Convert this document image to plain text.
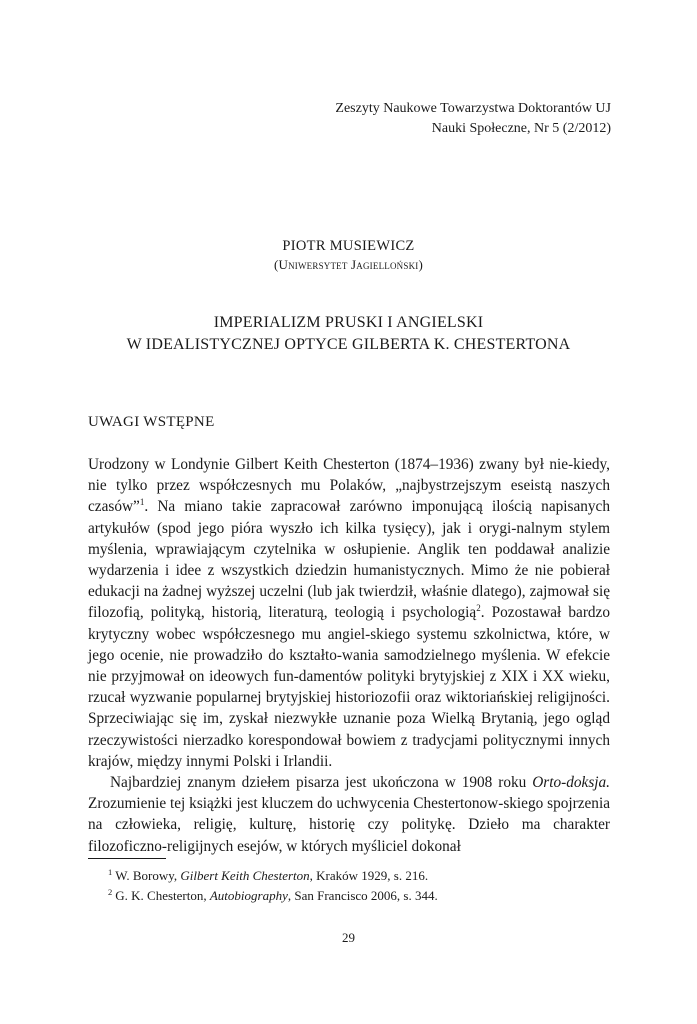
Zeszyty Naukowe Towarzystwa Doktorantów UJ
Nauki Społeczne, Nr 5 (2/2012)
PIOTR MUSIEWICZ
(Uniwersytet Jagielloński)
IMPERIALIZM PRUSKI I ANGIELSKI
W IDEALISTYCZNEJ OPTYCE GILBERTA K. CHESTERTONA
UWAGI WSTĘPNE

Urodzony w Londynie Gilbert Keith Chesterton (1874–1936) zwany był nie-kiedy, nie tylko przez współczesnych mu Polaków, „najbystrzejszym eseistą naszych czasów”$^1$. Na miano takie zapracował zarówno imponującą ilością napisanych artykułów (spod jego pióra wyszło ich kilka tysięcy), jak i orygi-nalnym stylem myślenia, wprawiającym czytelnika w osłupienie. Anglik ten poddawał analizie wydarzenia i idee z wszystkich dziedzin humanistycznych. Mimo że nie pobierał edukacji na żadnej wyższej uczelni (lub jak twierdził, właśnie dlatego), zajmował się filozofią, polityką, historią, literaturą, teologią i psychologią$^2$. Pozostawał bardzo krytyczny wobec współczesnego mu angiel-skiego systemu szkolnictwa, które, w jego ocenie, nie prowadziło do kształto-wania samodzielnego myślenia. W efekcie nie przyjmował on ideowych fun-damentów polityki brytyjskiej z XIX i XX wieku, rzucał wyzwanie popularnej brytyjskiej historiozofii oraz wiktoriańskiej religijności. Sprzeciwiając się im, zyskał niezwykłe uznanie poza Wielką Brytanią, jego ogląd rzeczywistości nierzadko korespondował bowiem z tradycjami politycznymi innych krajów, między innymi Polski i Irlandii.

Najbardziej znanym dziełem pisarza jest ukończona w 1908 roku Orto-doksja. Zrozumienie tej książki jest kluczem do uchwycenia Chestertonow-skiego spojrzenia na człowieka, religię, kulturę, historię czy politykę. Dzieło ma charakter filozoficzno-religijnych esejów, w których myśliciel dokonał

$^1$ W. Borowy, Gilbert Keith Chesterton, Kraków 1929, s. 216.
$^2$ G. K. Chesterton, Autobiography, San Francisco 2006, s. 344.
29
